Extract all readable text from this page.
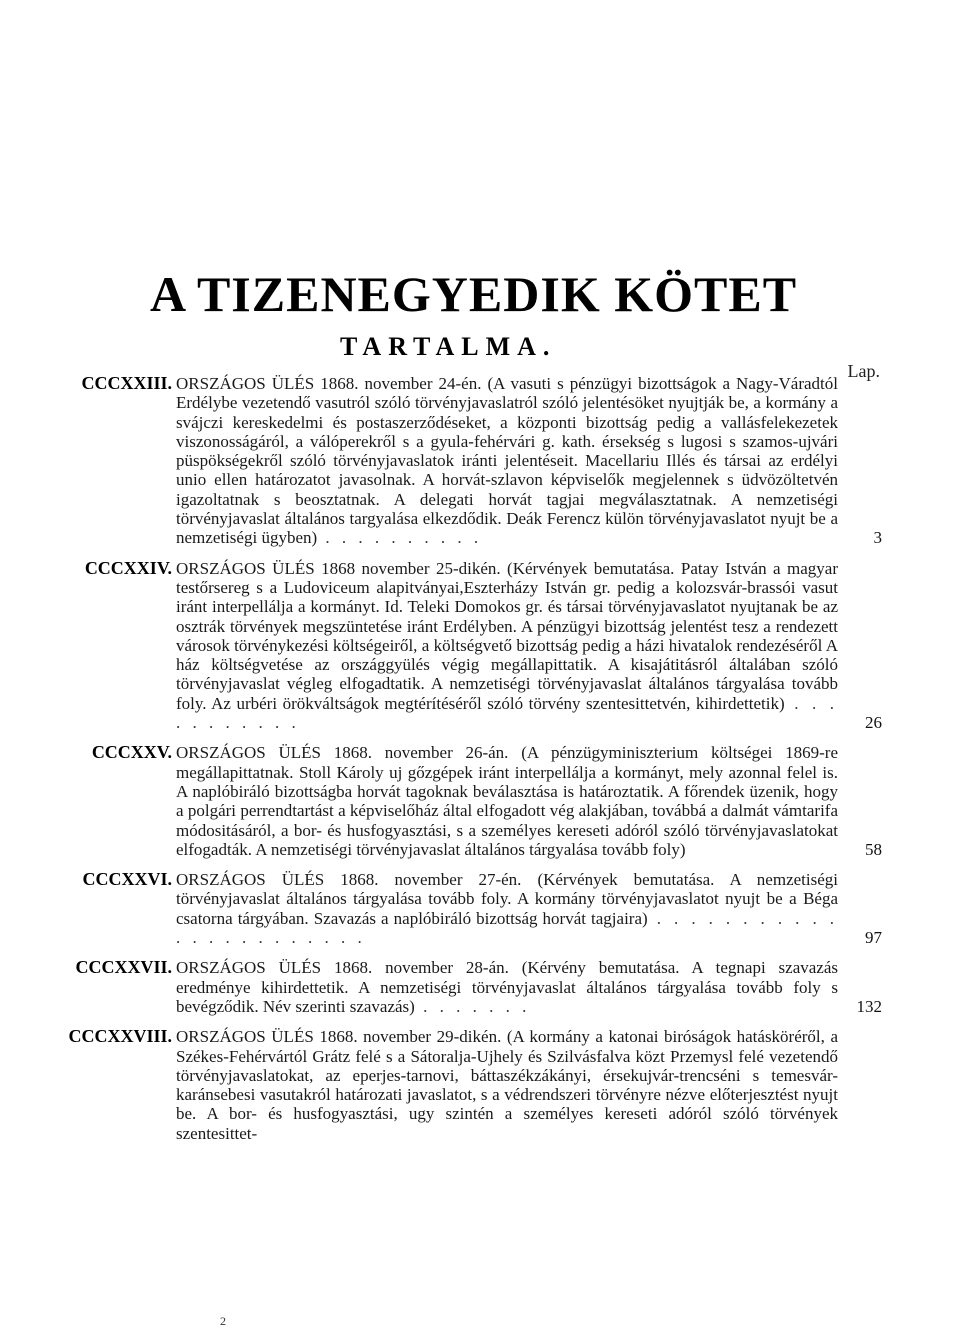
A TIZENEGYEDIK KÖTET
TARTALMA.
Lap.
CCCXXIII. ORSZÁGOS ÜLÉS 1868. november 24-én. (A vasuti s pénzügyi bizottságok a Nagy-Váradtól Erdélybe vezetendő vasutról szóló törvényjavaslatról szóló jelentésöket nyujtják be, a kormány a svájczi kereskedelmi és postaszerződéseket, a központi bizottság pedig a vallásfelekezetek viszonosságáról, a válóperekről s a gyula-fehérvári g. kath. érsekség s lugosi s szamos-ujvári püspökségekről szóló törvényjavaslatok iránti jelentéseit. Macellariu Illés és társai az erdélyi unio ellen határozatot javasolnak. A horvát-szlavon képviselők megjelennek s üdvözöltetvén igazoltatnak s beosztatnak. A delegati horvát tagjai megválasztatnak. A nemzetiségi törvényjavaslat általános targyalása elkezdődik. Deák Ferencz külön törvényjavaslatot nyujt be a nemzetiségi ügyben) . . . . . . . . . .	3
CCCXXIV. ORSZÁGOS ÜLÉS 1868 november 25-dikén. (Kérvények bemutatása. Patay István a magyar testőrsereg s a Ludoviceum alapitványai,Eszterházy István gr. pedig a kolozsvár-brassói vasut iránt interpellálja a kormányt. Id. Teleki Domokos gr. és társai törvényjavaslatot nyujtanak be az osztrák törvények megszüntetése iránt Erdélyben. A pénzügyi bizottság jelentést tesz a rendezett városok törvénykezési költségeiről, a költségvető bizottság pedig a házi hivatalok rendezéséről A ház költségvetése az országgyülés végig megállapittatik. A kisajátitásról általában szóló törvényjavaslat végleg elfogadtatik. A nemzetiségi törvényjavaslat általános tárgyalása tovább foly. Az urbéri örökváltságok megtérítéséről szóló törvény szentesittetvén, kihirdettetik) . . . . . . . . . . .	26
CCCXXV. ORSZÁGOS ÜLÉS 1868. november 26-án. (A pénzügyminiszterium költségei 1869-re megállapittatnak. Stoll Károly uj gőzgépek iránt interpellálja a kormányt, mely azonnal felel is. A naplóbiráló bizottságba horvát tagoknak beválasztása is határoztatik. A főrendek üzenik, hogy a polgári perrendtartást a képviselőház által elfogadott vég alakjában, továbbá a dalmát vámtarifa módositásáról, a bor- és husfogyasztási, s a személyes kereseti adóról szóló törvényjavaslatokat elfogadták. A nemzetiségi törvényjavaslat általános tárgyalása tovább foly)	58
CCCXXVI. ORSZÁGOS ÜLÉS 1868. november 27-én. (Kérvények bemutatása. A nemzetiségi törvényjavaslat általános tárgyalása tovább foly. A kormány törvényjavaslatot nyujt be a Béga csatorna tárgyában. Szavazás a naplóbiráló bizottság horvát tagjaira) . . . . . . . . . . . . . . . . . . . . . . .	97
CCCXXVII. ORSZÁGOS ÜLÉS 1868. november 28-án. (Kérvény bemutatása. A tegnapi szavazás eredménye kihirdettetik. A nemzetiségi törvényjavaslat általános tárgyalása tovább foly s bevégződik. Név szerinti szavazás) . . . . . . .	132
CCCXXVIII. ORSZÁGOS ÜLÉS 1868. november 29-dikén. (A kormány a katonai biróságok hatásköréről, a Székes-Fehérvártól Grátz felé s a Sátoralja-Ujhely és Szilvásfalva közt Przemysl felé vezetendő törvényjavaslatokat, az eperjes-tarnovi, báttaszékzákányi, érsekujvár-trencséni s temesvár-karánsebesi vasutakról határozati javaslatot, s a védrendszeri törvényre nézve előterjesztést nyujt be. A bor- és husfogyasztási, ugy szintén a személyes kereseti adóról szóló törvények szentesittet-
2
